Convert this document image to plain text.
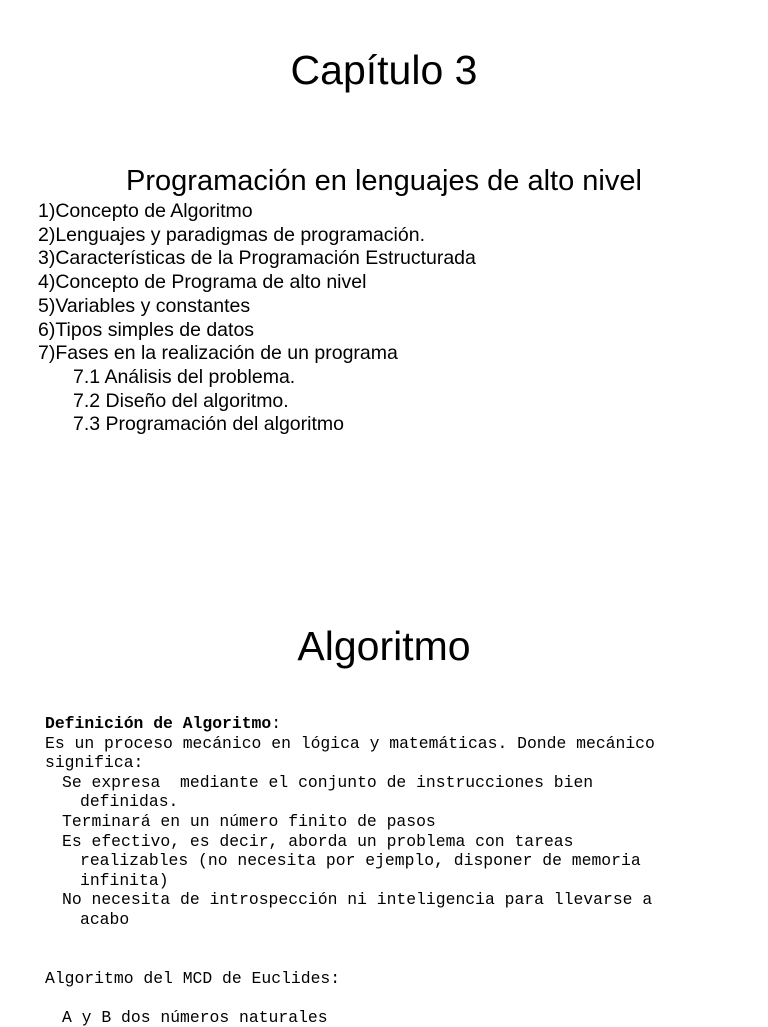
Capítulo 3
Programación en lenguajes de alto nivel
1)Concepto de Algoritmo
2)Lenguajes y paradigmas de programación.
3)Características de la Programación Estructurada
4)Concepto de Programa de alto nivel
5)Variables y constantes
6)Tipos simples de datos
7)Fases en la realización de un programa
7.1 Análisis del problema.
7.2 Diseño del algoritmo.
7.3 Programación del algoritmo
Algoritmo
Definición de Algoritmo:
Es un proceso mecánico en lógica y matemáticas. Donde mecánico
significa:
Se expresa  mediante el conjunto de instrucciones bien
definidas.
Terminará en un número finito de pasos
Es efectivo, es decir, aborda un problema con tareas
realizables (no necesita por ejemplo, disponer de memoria
infinita)
No necesita de introspección ni inteligencia para llevarse a
acabo
Algoritmo del MCD de Euclides:
A y B dos números naturales
